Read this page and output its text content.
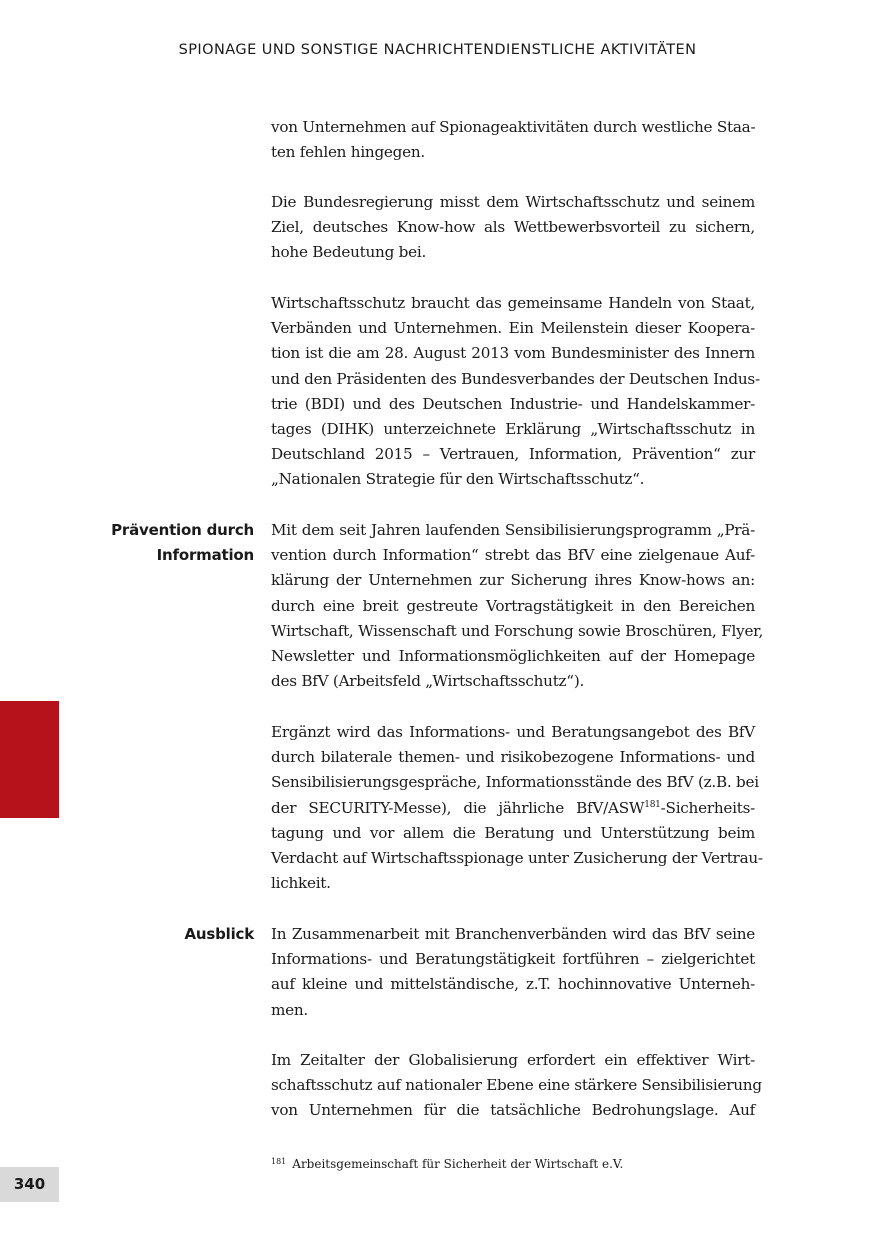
SPIONAGE UND SONSTIGE NACHRICHTENDIENSTLICHE AKTIVITÄTEN
340
Prävention durch
Information
Ausblick
von Unternehmen auf Spionageaktivitäten durch westliche Staa-
ten fehlen hingegen.
Die Bundesregierung misst dem Wirtschaftsschutz und seinem
Ziel, deutsches Know-how als Wettbewerbsvorteil zu sichern,
hohe Bedeutung bei.
Wirtschaftsschutz braucht das gemeinsame Handeln von Staat,
Verbänden und Unternehmen. Ein Meilenstein dieser Koopera-
tion ist die am 28. August 2013 vom Bundesminister des Innern
und den Präsidenten des Bundesverbandes der Deutschen Indus-
trie (BDI) und des Deutschen Industrie- und Handelskammer-
tages (DIHK) unterzeichnete Erklärung „Wirtschaftsschutz in
Deutschland 2015 – Vertrauen, Information, Prävention“ zur
„Nationalen Strategie für den Wirtschaftsschutz“.
Mit dem seit Jahren laufenden Sensibilisierungsprogramm „Prä-
vention durch Information“ strebt das BfV eine zielgenaue Auf-
klärung der Unternehmen zur Sicherung ihres Know-hows an:
durch eine breit gestreute Vortragstätigkeit in den Bereichen
Wirtschaft, Wissenschaft und Forschung sowie Broschüren, Flyer,
Newsletter und Informationsmöglichkeiten auf der Homepage
des BfV (Arbeitsfeld „Wirtschaftsschutz“).
Ergänzt wird das Informations- und Beratungsangebot des BfV
durch bilaterale themen- und risikobezogene Informations- und
Sensibilisierungsgespräche, Informationsstände des BfV (z.B. bei
der SECURITY-Messe), die jährliche BfV/ASW$^{181}$-Sicherheits-
tagung und vor allem die Beratung und Unterstützung beim
Verdacht auf Wirtschaftsspionage unter Zusicherung der Vertrau-
lichkeit.
In Zusammenarbeit mit Branchenverbänden wird das BfV seine
Informations- und Beratungstätigkeit fortführen – zielgerichtet
auf kleine und mittelständische, z.T. hochinnovative Unterneh-
men.
Im Zeitalter der Globalisierung erfordert ein effektiver Wirt-
schaftsschutz auf nationaler Ebene eine stärkere Sensibilisierung
von Unternehmen für die tatsächliche Bedrohungslage. Auf
$^{181}$ Arbeitsgemeinschaft für Sicherheit der Wirtschaft e.V.
